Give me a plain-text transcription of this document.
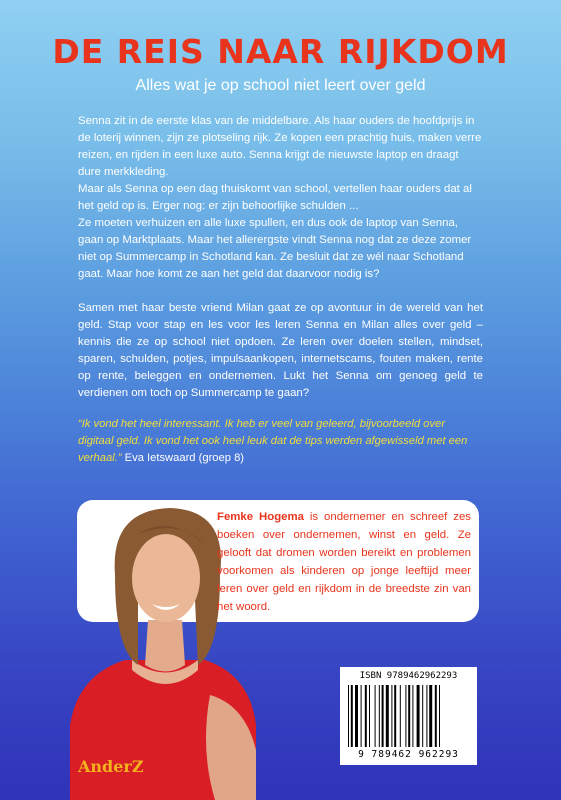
DE REIS NAAR RIJKDOM

Alles wat je op school niet leert over geld

Senna zit in de eerste klas van de middelbare. Als haar ouders de hoofdprijs in de loterij winnen, zijn ze plotseling rijk. Ze kopen een prachtig huis, maken verre reizen, en rijden in een luxe auto. Senna krijgt de nieuwste laptop en draagt dure merkkleding.
Maar als Senna op een dag thuiskomt van school, vertellen haar ouders dat al het geld op is. Erger nog: er zijn behoorlijke schulden ...
Ze moeten verhuizen en alle luxe spullen, en dus ook de laptop van Senna, gaan op Marktplaats. Maar het allerergste vindt Senna nog dat ze deze zomer niet op Summercamp in Schotland kan. Ze besluit dat ze wél naar Schotland gaat. Maar hoe komt ze aan het geld dat daarvoor nodig is?

Samen met haar beste vriend Milan gaat ze op avontuur in de wereld van het geld. Stap voor stap en les voor les leren Senna en Milan alles over geld – kennis die ze op school niet opdoen. Ze leren over doelen stellen, mindset, sparen, schulden, potjes, impulsaankopen, internetscams, fouten maken, rente op rente, beleggen en ondernemen. Lukt het Senna om genoeg geld te verdienen om toch op Summercamp te gaan?

“Ik vond het heel interessant. Ik heb er veel van geleerd, bijvoorbeeld over digitaal geld. Ik vond het ook heel leuk dat de tips werden afgewisseld met een verhaal.” Eva Ietswaard (groep 8)

Femke Hogema is ondernemer en schreef zes boeken over ondernemen, winst en geld. Ze gelooft dat dromen worden bereikt en problemen voorkomen als kinderen op jonge leeftijd meer leren over geld en rijkdom in de breedste zin van het woord.

ISBN 9789462962293
9 789462 962293

AnderZ
